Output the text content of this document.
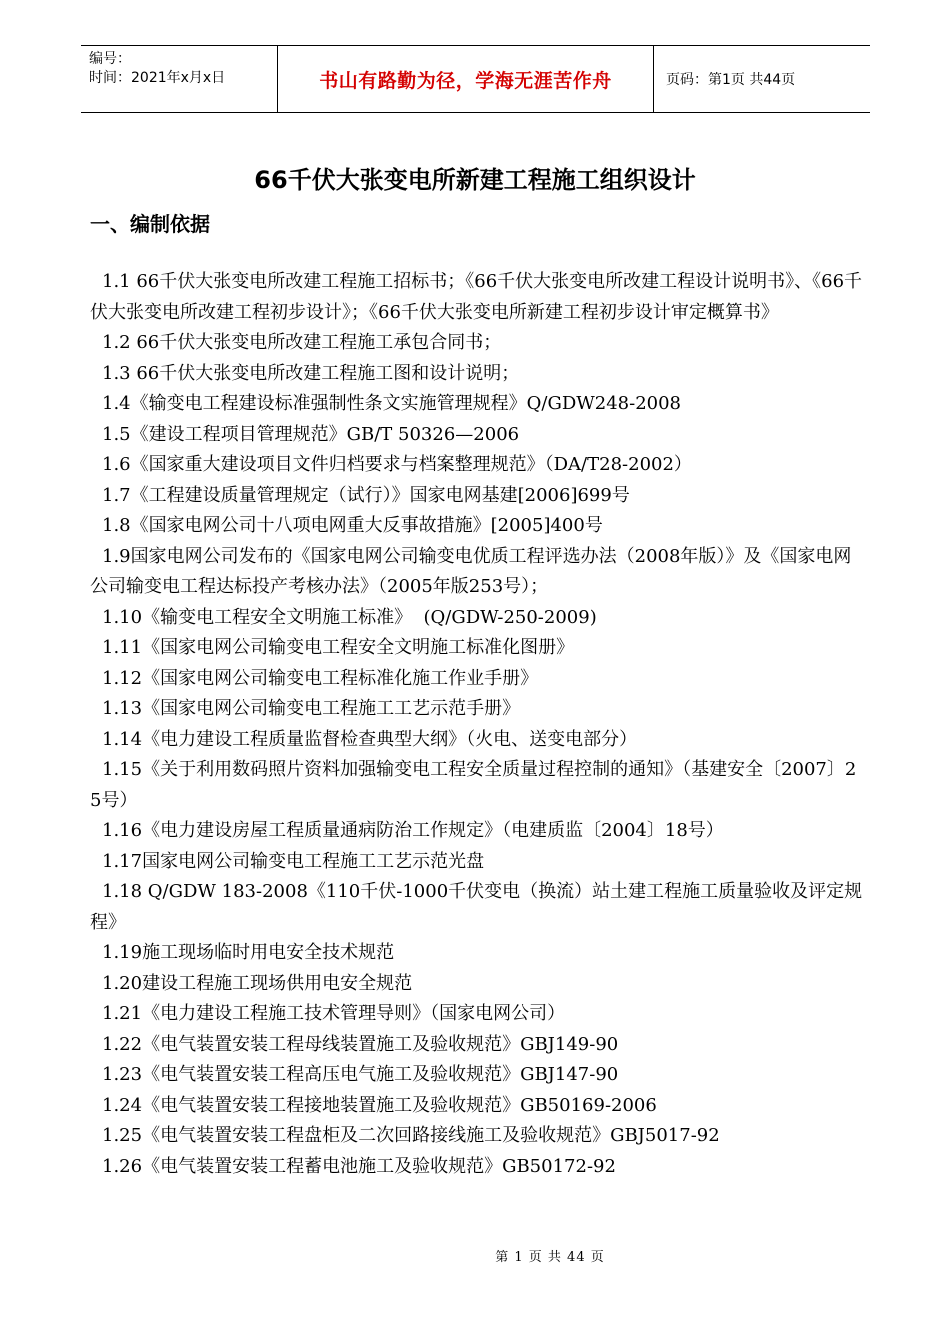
编号：
时间：2021年x月x日	书山有路勤为径，学海无涯苦作舟	页码：第1页 共44页
66千伏大张变电所新建工程施工组织设计
一、编制依据

1.1 66千伏大张变电所改建工程施工招标书；《66千伏大张变电所改建工程设计说明书》、《66千伏大张变电所改建工程初步设计》；《66千伏大张变电所新建工程初步设计审定概算书》

1.2 66千伏大张变电所改建工程施工承包合同书；

1.3 66千伏大张变电所改建工程施工图和设计说明；

1.4《输变电工程建设标准强制性条文实施管理规程》Q/GDW248-2008

1.5《建设工程项目管理规范》GB/T 50326—2006

1.6《国家重大建设项目文件归档要求与档案整理规范》（DA/T28-2002）

1.7《工程建设质量管理规定（试行）》国家电网基建[2006]699号

1.8《国家电网公司十八项电网重大反事故措施》[2005]400号

1.9国家电网公司发布的《国家电网公司输变电优质工程评选办法（2008年版）》及《国家电网公司输变电工程达标投产考核办法》（2005年版253号）；

1.10《输变电工程安全文明施工标准》  (Q/GDW-250-2009)

1.11《国家电网公司输变电工程安全文明施工标准化图册》

1.12《国家电网公司输变电工程标准化施工作业手册》

1.13《国家电网公司输变电工程施工工艺示范手册》

1.14《电力建设工程质量监督检查典型大纲》（火电、送变电部分）

1.15《关于利用数码照片资料加强输变电工程安全质量过程控制的通知》（基建安全〔2007〕25号）

1.16《电力建设房屋工程质量通病防治工作规定》（电建质监〔2004〕18号）

1.17国家电网公司输变电工程施工工艺示范光盘

1.18 Q/GDW 183-2008《110千伏-1000千伏变电（换流）站土建工程施工质量验收及评定规程》

1.19施工现场临时用电安全技术规范

1.20建设工程施工现场供用电安全规范

1.21《电力建设工程施工技术管理导则》（国家电网公司）

1.22《电气装置安装工程母线装置施工及验收规范》GBJ149-90

1.23《电气装置安装工程高压电气施工及验收规范》GBJ147-90

1.24《电气装置安装工程接地装置施工及验收规范》GB50169-2006

1.25《电气装置安装工程盘柜及二次回路接线施工及验收规范》GBJ5017-92

1.26《电气装置安装工程蓄电池施工及验收规范》GB50172-92

第 1 页 共 44 页
